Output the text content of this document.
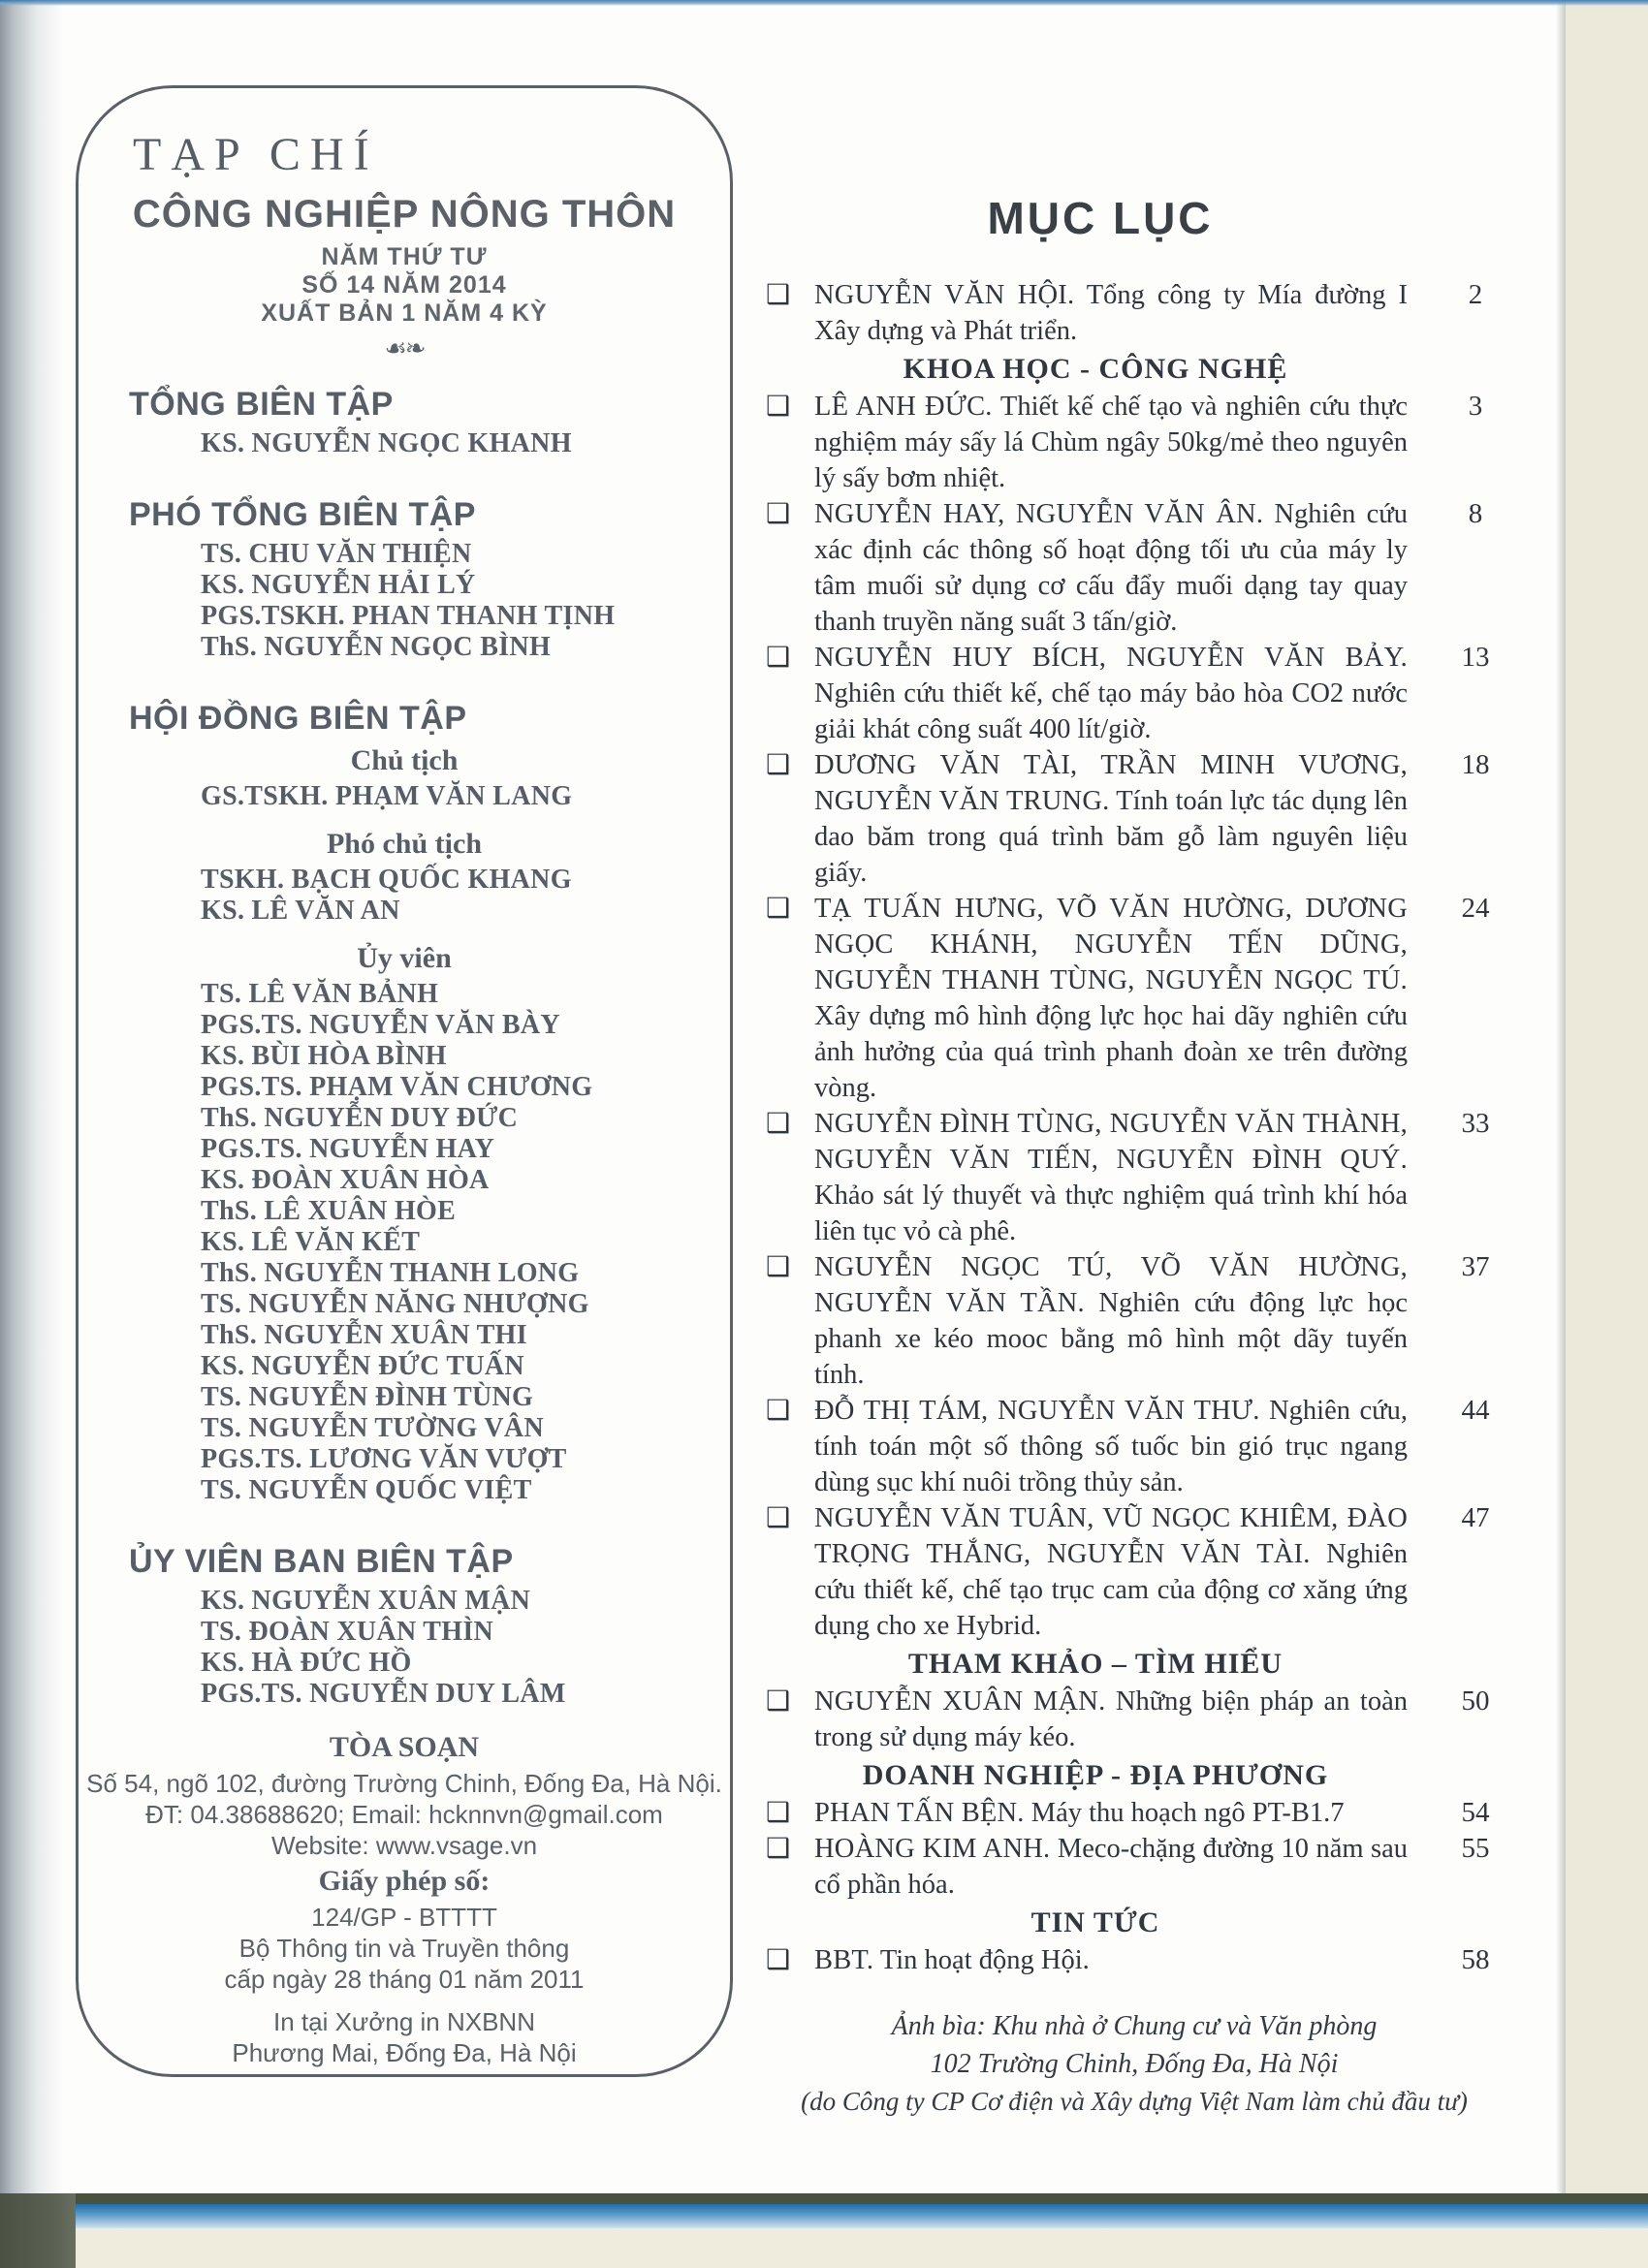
TẠP CHÍ
CÔNG NGHIỆP NÔNG THÔN
NĂM THỨ TƯ
SỐ 14 NĂM 2014
XUẤT BẢN 1 NĂM 4 KỲ
☙❧
TỔNG BIÊN TẬP
KS. NGUYỄN NGỌC KHANH
PHÓ TỔNG BIÊN TẬP
TS. CHU VĂN THIỆN
KS. NGUYỄN HẢI LÝ
PGS.TSKH. PHAN THANH TỊNH
ThS. NGUYỄN NGỌC BÌNH
HỘI ĐỒNG BIÊN TẬP
Chủ tịch
GS.TSKH. PHẠM VĂN LANG
Phó chủ tịch
TSKH. BẠCH QUỐC KHANG
KS. LÊ VĂN AN
Ủy viên
TS. LÊ VĂN BẢNH
PGS.TS. NGUYỄN VĂN BÀY
KS. BÙI HÒA BÌNH
PGS.TS. PHẠM VĂN CHƯƠNG
ThS. NGUYỄN DUY ĐỨC
PGS.TS. NGUYỄN HAY
KS. ĐOÀN XUÂN HÒA
ThS. LÊ XUÂN HÒE
KS. LÊ VĂN KẾT
ThS. NGUYỄN THANH LONG
TS. NGUYỄN NĂNG NHƯỢNG
ThS. NGUYỄN XUÂN THI
KS. NGUYỄN ĐỨC TUẤN
TS. NGUYỄN ĐÌNH TÙNG
TS. NGUYỄN TƯỜNG VÂN
PGS.TS. LƯƠNG VĂN VƯỢT
TS. NGUYỄN QUỐC VIỆT
ỦY VIÊN BAN BIÊN TẬP
KS. NGUYỄN XUÂN MẬN
TS. ĐOÀN XUÂN THÌN
KS. HÀ ĐỨC HỒ
PGS.TS. NGUYỄN DUY LÂM
TÒA SOẠN
Số 54, ngõ 102, đường Trường Chinh, Đống Đa, Hà Nội.
ĐT: 04.38688620; Email: hcknnvn@gmail.com
Website: www.vsage.vn
Giấy phép số:
124/GP - BTTTT
Bộ Thông tin và Truyền thông
cấp ngày 28 tháng 01 năm 2011
In tại Xưởng in NXBNN
Phương Mai, Đống Đa, Hà Nội
MỤC LỤC
❑ NGUYỄN VĂN HỘI. Tổng công ty Mía đường I Xây dựng và Phát triển.
2
KHOA HỌC - CÔNG NGHỆ
❑ LÊ ANH ĐỨC. Thiết kế chế tạo và nghiên cứu thực nghiệm máy sấy lá Chùm ngây 50kg/mẻ theo nguyên lý sấy bơm nhiệt.
3
❑ NGUYỄN HAY, NGUYỄN VĂN ÂN. Nghiên cứu xác định các thông số hoạt động tối ưu của máy ly tâm muối sử dụng cơ cấu đẩy muối dạng tay quay thanh truyền năng suất 3 tấn/giờ.
8
❑ NGUYỄN HUY BÍCH, NGUYỄN VĂN BẢY. Nghiên cứu thiết kế, chế tạo máy bảo hòa CO2 nước giải khát công suất 400 lít/giờ.
13
❑ DƯƠNG VĂN TÀI, TRẦN MINH VƯƠNG, NGUYỄN VĂN TRUNG. Tính toán lực tác dụng lên dao băm trong quá trình băm gỗ làm nguyên liệu giấy.
18
❑ TẠ TUẤN HƯNG, VÕ VĂN HƯỜNG, DƯƠNG NGỌC KHÁNH, NGUYỄN TẾN DŨNG, NGUYỄN THANH TÙNG, NGUYỄN NGỌC TÚ. Xây dựng mô hình động lực học hai dãy nghiên cứu ảnh hưởng của quá trình phanh đoàn xe trên đường vòng.
24
❑ NGUYỄN ĐÌNH TÙNG, NGUYỄN VĂN THÀNH, NGUYỄN VĂN TIẾN, NGUYỄN ĐÌNH QUÝ. Khảo sát lý thuyết và thực nghiệm quá trình khí hóa liên tục vỏ cà phê.
33
❑ NGUYỄN NGỌC TÚ, VÕ VĂN HƯỜNG, NGUYỄN VĂN TẦN. Nghiên cứu động lực học phanh xe kéo mooc bằng mô hình một dãy tuyến tính.
37
❑ ĐỖ THỊ TÁM, NGUYỄN VĂN THƯ. Nghiên cứu, tính toán một số thông số tuốc bin gió trục ngang dùng sục khí nuôi trồng thủy sản.
44
❑ NGUYỄN VĂN TUÂN, VŨ NGỌC KHIÊM, ĐÀO TRỌNG THẮNG, NGUYỄN VĂN TÀI. Nghiên cứu thiết kế, chế tạo trục cam của động cơ xăng ứng dụng cho xe Hybrid.
47
THAM KHẢO – TÌM HIỂU
❑ NGUYỄN XUÂN MẬN. Những biện pháp an toàn trong sử dụng máy kéo.
50
DOANH NGHIỆP - ĐỊA PHƯƠNG
❑ PHAN TẤN BỆN. Máy thu hoạch ngô PT-B1.7	54
❑ HOÀNG KIM ANH. Meco-chặng đường 10 năm sau cổ phần hóa.
55
TIN TỨC
❑ BBT. Tin hoạt động Hội.	58
Ảnh bìa: Khu nhà ở Chung cư và Văn phòng
102 Trường Chinh, Đống Đa, Hà Nội
(do Công ty CP Cơ điện và Xây dựng Việt Nam làm chủ đầu tư)
